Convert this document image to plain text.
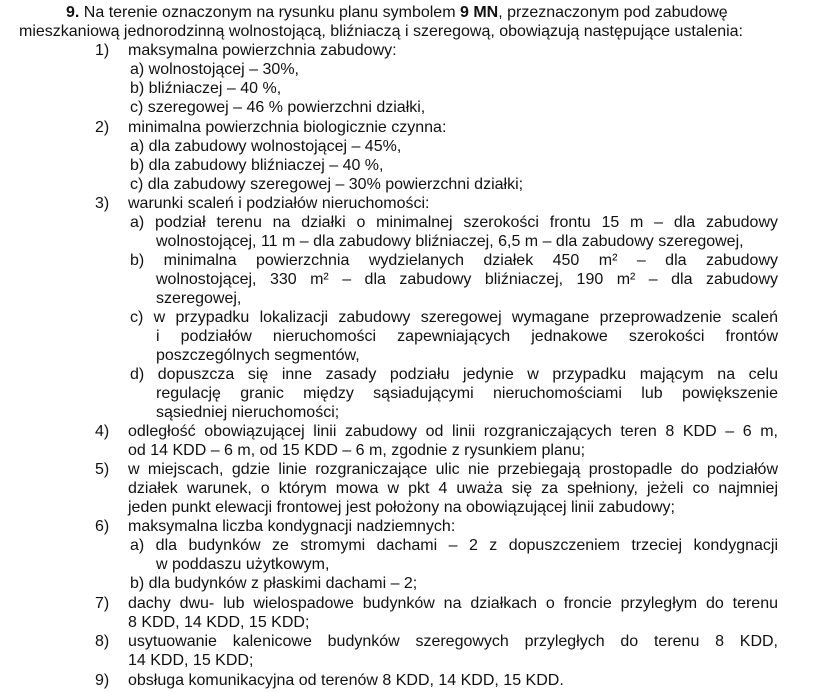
9. Na terenie oznaczonym na rysunku planu symbolem 9 MN, przeznaczonym pod zabudowę
mieszkaniową jednorodzinną wolnostojącą, bliźniaczą i szeregową, obowiązują następujące ustalenia:
1) maksymalna powierzchnia zabudowy:
a) wolnostojącej – 30%,
b) bliźniaczej – 40 %,
c) szeregowej – 46 % powierzchni działki,
2) minimalna powierzchnia biologicznie czynna:
a) dla zabudowy wolnostojącej – 45%,
b) dla zabudowy bliźniaczej – 40 %,
c) dla zabudowy szeregowej – 30% powierzchni działki;
3) warunki scaleń i podziałów nieruchomości:
a) podział terenu na działki o minimalnej szerokości frontu 15 m – dla zabudowy
wolnostojącej, 11 m – dla zabudowy bliźniaczej, 6,5 m – dla zabudowy szeregowej,
b) minimalna powierzchnia wydzielanych działek 450 m² – dla zabudowy
wolnostojącej, 330 m² – dla zabudowy bliźniaczej, 190 m² – dla zabudowy
szeregowej,
c) w przypadku lokalizacji zabudowy szeregowej wymagane przeprowadzenie scaleń
i podziałów nieruchomości zapewniających jednakowe szerokości frontów
poszczególnych segmentów,
d) dopuszcza się inne zasady podziału jedynie w przypadku mającym na celu
regulację granic między sąsiadującymi nieruchomościami lub powiększenie
sąsiedniej nieruchomości;
4) odległość obowiązującej linii zabudowy od linii rozgraniczających teren 8 KDD – 6 m,
od 14 KDD – 6 m, od 15 KDD – 6 m, zgodnie z rysunkiem planu;
5) w miejscach, gdzie linie rozgraniczające ulic nie przebiegają prostopadle do podziałów
działek warunek, o którym mowa w pkt 4 uważa się za spełniony, jeżeli co najmniej
jeden punkt elewacji frontowej jest położony na obowiązującej linii zabudowy;
6) maksymalna liczba kondygnacji nadziemnych:
a) dla budynków ze stromymi dachami – 2 z dopuszczeniem trzeciej kondygnacji
w poddaszu użytkowym,
b) dla budynków z płaskimi dachami – 2;
7) dachy dwu- lub wielospadowe budynków na działkach o froncie przyległym do terenu
8 KDD, 14 KDD, 15 KDD;
8) usytuowanie kalenicowe budynków szeregowych przyległych do terenu 8 KDD,
14 KDD, 15 KDD;
9) obsługa komunikacyjna od terenów 8 KDD, 14 KDD, 15 KDD.
